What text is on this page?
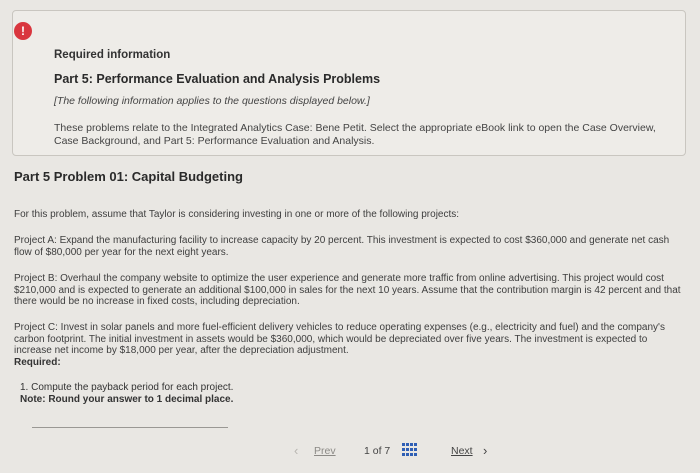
!
Required information
Part 5: Performance Evaluation and Analysis Problems
[The following information applies to the questions displayed below.]
These problems relate to the Integrated Analytics Case: Bene Petit. Select the appropriate eBook link to open the Case Overview, Case Background, and Part 5: Performance Evaluation and Analysis.
Part 5 Problem 01: Capital Budgeting
For this problem, assume that Taylor is considering investing in one or more of the following projects:
Project A: Expand the manufacturing facility to increase capacity by 20 percent. This investment is expected to cost $360,000 and generate net cash flow of $80,000 per year for the next eight years.
Project B: Overhaul the company website to optimize the user experience and generate more traffic from online advertising. This project would cost $210,000 and is expected to generate an additional $100,000 in sales for the next 10 years. Assume that the contribution margin is 42 percent and that there would be no increase in fixed costs, including depreciation.
Project C: Invest in solar panels and more fuel-efficient delivery vehicles to reduce operating expenses (e.g., electricity and fuel) and the company's carbon footprint. The initial investment in assets would be $360,000, which would be depreciated over five years. The investment is expected to increase net income by $18,000 per year, after the depreciation adjustment.
Required:
1. Compute the payback period for each project.
Note: Round your answer to 1 decimal place.
‹ Prev	1 of 7	Next ›
